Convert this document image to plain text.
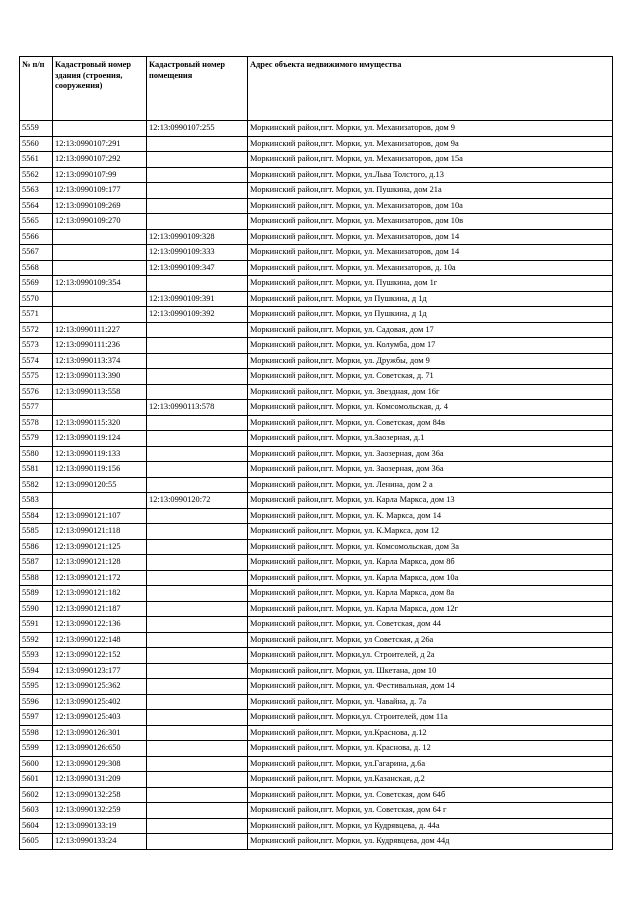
№ п/п	Кадастровый номер здания (строения, сооружения)	Кадастровый номер помещения	Адрес объекта недвижимого имущества
5559		12:13:0990107:255	Моркинский район,пгт. Морки, ул. Механизаторов, дом 9
5560	12:13:0990107:291		Моркинский район,пгт. Морки, ул. Механизаторов, дом 9а
5561	12:13:0990107:292		Моркинский район,пгт. Морки, ул. Механизаторов, дом 15а
5562	12:13:0990107:99		Моркинский район,пгт. Морки, ул.Льва Толстого, д.13
5563	12:13:0990109:177		Моркинский район,пгт. Морки, ул. Пушкина, дом 21а
5564	12:13:0990109:269		Моркинский район,пгт. Морки, ул. Механизаторов, дом 10а
5565	12:13:0990109:270		Моркинский район,пгт. Морки, ул. Механизаторов, дом 10в
5566		12:13:0990109:328	Моркинский район,пгт. Морки, ул. Механизаторов, дом 14
5567		12:13:0990109:333	Моркинский район,пгт. Морки, ул. Механизаторов, дом 14
5568		12:13:0990109:347	Моркинский район,пгт. Морки, ул. Механизаторов, д. 10а
5569	12:13:0990109:354		Моркинский район,пгт. Морки, ул. Пушкина, дом 1г
5570		12:13:0990109:391	Моркинский район,пгт. Морки, ул Пушкина, д 1д
5571		12:13:0990109:392	Моркинский район,пгт. Морки, ул Пушкина, д 1д
5572	12:13:0990111:227		Моркинский район,пгт. Морки, ул. Садовая, дом 17
5573	12:13:0990111:236		Моркинский район,пгт. Морки, ул. Колумба, дом 17
5574	12:13:0990113:374		Моркинский район,пгт. Морки, ул. Дружбы, дом 9
5575	12:13:0990113:390		Моркинский район,пгт. Морки, ул. Советская, д. 71
5576	12:13:0990113:558		Моркинский район,пгт. Морки, ул. Звездная, дом 16г
5577		12:13:0990113:578	Моркинский район,пгт. Морки, ул. Комсомольская, д. 4
5578	12:13:0990115:320		Моркинский район,пгт. Морки, ул. Советская, дом 84в
5579	12:13:0990119:124		Моркинский район,пгт. Морки, ул.Заозерная, д.1
5580	12:13:0990119:133		Моркинский район,пгт. Морки, ул. Заозерная, дом 36а
5581	12:13:0990119:156		Моркинский район,пгт. Морки, ул. Заозерная, дом 36а
5582	12:13:0990120:55		Моркинский район,пгт. Морки, ул. Ленина, дом 2 а
5583		12:13:0990120:72	Моркинский район,пгт. Морки, ул. Карла Маркса, дом 13
5584	12:13:0990121:107		Моркинский район,пгт. Морки, ул. К. Маркса, дом 14
5585	12:13:0990121:118		Моркинский район,пгт. Морки, ул. К.Маркса, дом 12
5586	12:13:0990121:125		Моркинский район,пгт. Морки, ул. Комсомольская, дом 3а
5587	12:13:0990121:128		Моркинский район,пгт. Морки, ул. Карла Маркса, дом 8б
5588	12:13:0990121:172		Моркинский район,пгт. Морки, ул. Карла Маркса, дом 10а
5589	12:13:0990121:182		Моркинский район,пгт. Морки, ул. Карла Маркса, дом 8а
5590	12:13:0990121:187		Моркинский район,пгт. Морки, ул. Карла Маркса, дом 12г
5591	12:13:0990122:136		Моркинский район,пгт. Морки, ул. Советская, дом 44
5592	12:13:0990122:148		Моркинский район,пгт. Морки, ул Советская, д 26а
5593	12:13:0990122:152		Моркинский район,пгт. Морки,ул. Строителей, д 2а
5594	12:13:0990123:177		Моркинский район,пгт. Морки, ул. Шкетана, дом 10
5595	12:13:0990125:362		Моркинский район,пгт. Морки, ул. Фестивальная, дом 14
5596	12:13:0990125:402		Моркинский район,пгт. Морки, ул. Чавайна, д. 7а
5597	12:13:0990125:403		Моркинский район,пгт. Морки,ул. Строителей, дом 11а
5598	12:13:0990126:301		Моркинский район,пгт. Морки, ул.Краснова, д.12
5599	12:13:0990126:650		Моркинский район,пгт. Морки, ул. Краснова, д. 12
5600	12:13:0990129:308		Моркинский район,пгт. Морки, ул.Гагарина, д.6а
5601	12:13:0990131:209		Моркинский район,пгт. Морки, ул.Казанская, д.2
5602	12:13:0990132:258		Моркинский район,пгт. Морки, ул. Советская, дом 64б
5603	12:13:0990132:259		Моркинский район,пгт. Морки, ул. Советская, дом 64 г
5604	12:13:0990133:19		Моркинский район,пгт. Морки, ул Кудрявцева, д. 44а
5605	12:13:0990133:24		Моркинский район,пгт. Морки, ул. Кудрявцева, дом 44д
